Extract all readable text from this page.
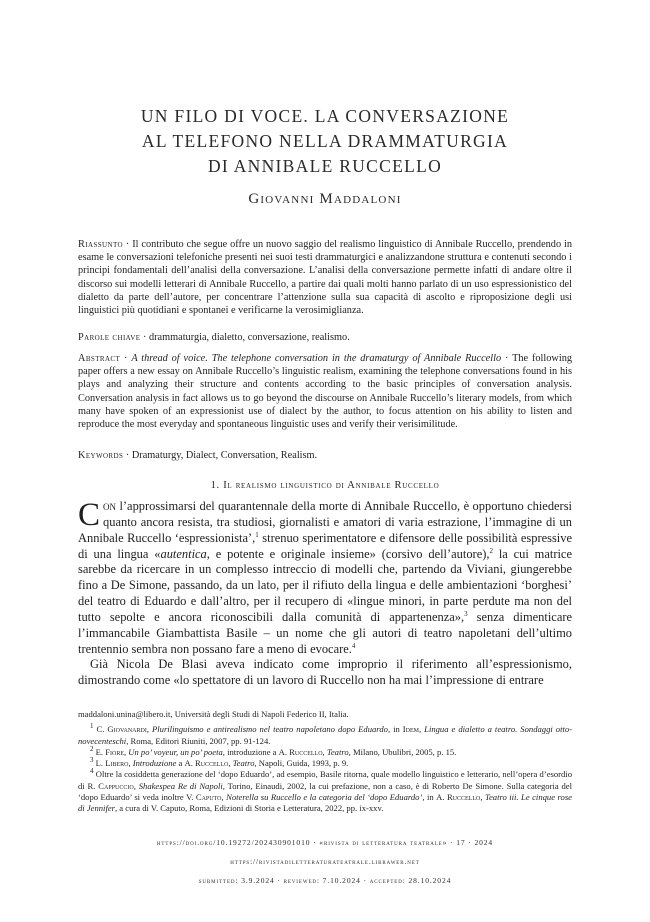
UN FILO DI VOCE. LA CONVERSAZIONE
AL TELEFONO NELLA DRAMMATURGIA
DI ANNIBALE RUCCELLO
Giovanni Maddaloni
Riassunto · Il contributo che segue offre un nuovo saggio del realismo linguistico di Annibale Ruccello, prendendo in esame le conversazioni telefoniche presenti nei suoi testi drammaturgici e analizzandone struttura e contenuti secondo i principi fondamentali dell’analisi della conversazione. L’analisi della conversazione permette infatti di andare oltre il discorso sui modelli letterari di Annibale Ruccello, a partire dai quali molti hanno parlato di un uso espressionistico del dialetto da parte dell’autore, per concentrare l’attenzione sulla sua capacità di ascolto e riproposizione degli usi linguistici più quotidiani e spontanei e verificarne la verosimiglianza.
Parole chiave · drammaturgia, dialetto, conversazione, realismo.
Abstract · A thread of voice. The telephone conversation in the dramaturgy of Annibale Ruccello · The following paper offers a new essay on Annibale Ruccello’s linguistic realism, examining the telephone conversations found in his plays and analyzing their structure and contents according to the basic principles of conversation analysis. Conversation analysis in fact allows us to go beyond the discourse on Annibale Ruccello’s literary models, from which many have spoken of an expressionist use of dialect by the author, to focus attention on his ability to listen and reproduce the most everyday and spontaneous linguistic uses and verify their verisimilitude.
Keywords · Dramaturgy, Dialect, Conversation, Realism.
1. Il realismo linguistico di Annibale Ruccello

Con l’approssimarsi del quarantennale della morte di Annibale Ruccello, è opportuno chiedersi quanto ancora resista, tra studiosi, giornalisti e amatori di varia estrazione, l’immagine di un Annibale Ruccello ‘espressionista’,$^1$ strenuo sperimentatore e difensore delle possibilità espressive di una lingua «autentica, e potente e originale insieme» (corsivo dell’autore),$^2$ la cui matrice sarebbe da ricercare in un complesso intreccio di modelli che, partendo da Viviani, giungerebbe fino a De Simone, passando, da un lato, per il rifiuto della lingua e delle ambientazioni ‘borghesi’ del teatro di Eduardo e dall’altro, per il recupero di «lingue minori, in parte perdute ma non del tutto sepolte e ancora riconoscibili dalla comunità di appartenenza»,$^3$ senza dimenticare l’immancabile Giambattista Basile – un nome che gli autori di teatro napoletani dell’ultimo trentennio sembra non possano fare a meno di evocare.$^4$

Già Nicola De Blasi aveva indicato come improprio il riferimento all’espressionismo, dimostrando come «lo spettatore di un lavoro di Ruccello non ha mai l’impressione di entrare

maddaloni.unina@libero.it, Università degli Studi di Napoli Federico II, Italia.

$^1$ C. Giovanardi, Plurilinguismo e antirealismo nel teatro napoletano dopo Eduardo, in Idem, Lingua e dialetto a teatro. Sondaggi otto-novecenteschi, Roma, Editori Riuniti, 2007, pp. 91-124.

$^2$ E. Fiore, Un po’ voyeur, un po’ poeta, introduzione a A. Ruccello, Teatro, Milano, Ubulibri, 2005, p. 15.

$^3$ L. Libero, Introduzione a A. Ruccello, Teatro, Napoli, Guida, 1993, p. 9.

$^4$ Oltre la cosiddetta generazione del ‘dopo Eduardo’, ad esempio, Basile ritorna, quale modello linguistico e letterario, nell’opera d’esordio di R. Cappuccio, Shakespea Re di Napoli, Torino, Einaudi, 2002, la cui prefazione, non a caso, è di Roberto De Simone. Sulla categoria del ‘dopo Eduardo’ si veda inoltre V. Caputo, Noterella su Ruccello e la categoria del ‘dopo Eduardo’, in A. Ruccello, Teatro iii. Le cinque rose di Jennifer, a cura di V. Caputo, Roma, Edizioni di Storia e Letteratura, 2022, pp. ix-xxv.

https://doi.org/10.19272/202430901010 · «rivista di letteratura teatrale» · 17 · 2024
https://rivistadiletteraturateatrale.libraweb.net
submitted: 3.9.2024 · reviewed: 7.10.2024 · accepted: 28.10.2024
